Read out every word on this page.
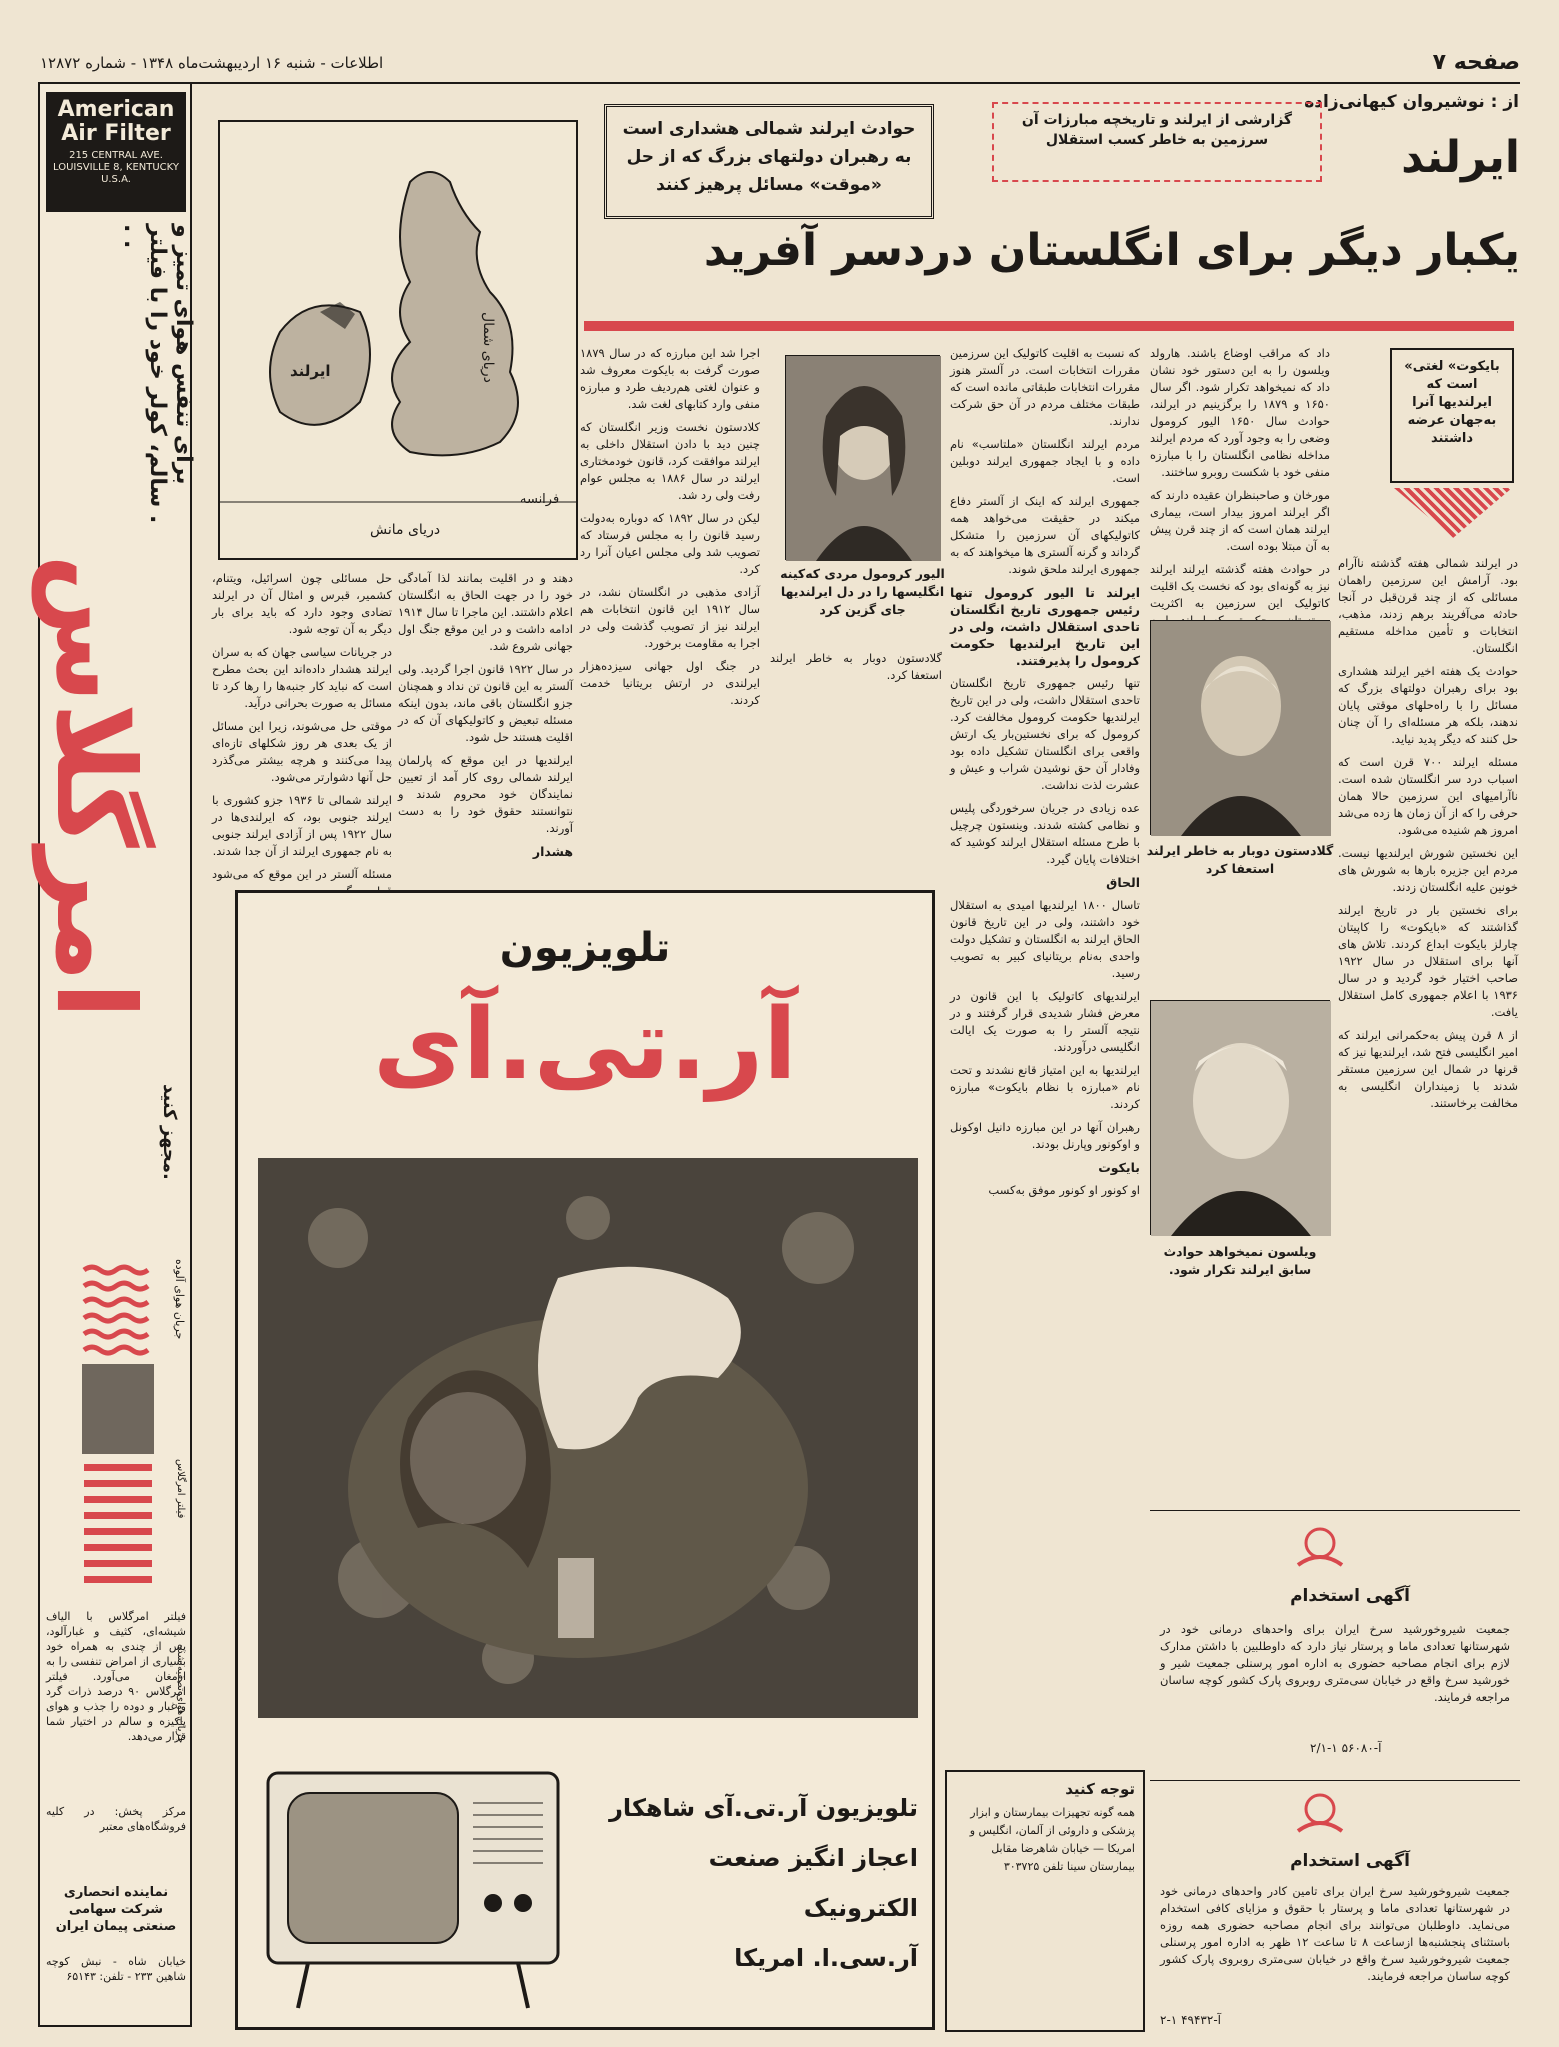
صفحه ۷
اطلاعات - شنبه ۱۶ اردیبهشت‌ماه ۱۳۴۸ - شماره ۱۲۸۷۲
از : نوشیروان کیهانی‌زاده
American Air Filter
215 CENTRAL AVE. LOUISVILLE 8, KENTUCKY U.S.A.
برای تنفس هوای تمیز و سالم، کولر خود را با فیلتر . . .
امرگلاس
مجهز کنید.
جریان هوای آلوده
فیلتر امرگلاس
جریان هوای تصفیه شده
فیلتر امرگلاس با الیاف شیشه‌ای، کثیف و غبارآلود، پس از چندی به همراه خود بسیاری از امراض تنفسی را به ارمغان می‌آورد. فیلتر امرگلاس ۹۰ درصد ذرات گرد و غبار و دوده را جذب و هوای پاکیزه و سالم در اختیار شما قرار می‌دهد.
مرکز پخش: در کلیه فروشگاه‌های معتبر
نماینده انحصاری شرکت سهامی صنعتی پیمان ایران
خیابان شاه - نبش کوچه شاهین ۲۳۳ - تلفن: ۶۵۱۴۳
ایرلند
یکبار دیگر برای انگلستان دردسر آفرید
گزارشی از ایرلند و تاریخچه مبارزات آن سرزمین به خاطر کسب استقلال
حوادث ایرلند شمالی هشداری است به رهبران دولتهای بزرگ که از حل «موقت» مسائل پرهیز کنند
«بایکوت» لغتی است که ایرلندیها آنرا به‌جهان عرضه داشتند
ایرلند	دریای شمال
دریای مانش
فرانسه

در ایرلند شمالی هفته گذشته ناآرام بود. آرامش این سرزمین راهمان مسائلی که از چند قرن‌قبل در آنجا حادثه می‌آفریند برهم زدند، مذهب، انتخابات و تأمین مداخله مستقیم انگلستان.

حوادث یک هفته اخیر ایرلند هشداری بود برای رهبران دولتهای بزرگ که مسائل را با راه‌حلهای موقتی پایان ندهند، بلکه هر مسئله‌ای را آن چنان حل کنند که دیگر پدید نیاید.

مسئله ایرلند ۷۰۰ قرن است که اسباب درد سر انگلستان شده است. ناآرامیهای این سرزمین حالا همان حرفی را که از آن زمان ها زده می‌شد امروز هم شنیده می‌شود.

این نخستین شورش ایرلندیها نیست. مردم این جزیره بارها به شورش های خونین علیه انگلستان زدند.

برای نخستین بار در تاریخ ایرلند گذاشتند که «بایکوت» را کاپیتان چارلز بایکوت ابداع کردند. تلاش های آنها برای استقلال در سال ۱۹۲۲ صاحب اختیار خود گردید و در سال ۱۹۳۶ با اعلام جمهوری کامل استقلال یافت.

از ۸ قرن پیش به‌حکمرانی ایرلند که امیر انگلیسی فتح شد، ایرلندیها نیز که قرنها در شمال این سرزمین مستقر شدند با زمینداران انگلیسی به مخالفت برخاستند.

داد که مراقب اوضاع باشند. هارولد ویلسون را به این دستور خود نشان داد که نمیخواهد تکرار شود. اگر سال ۱۶۵۰ و ۱۸۷۹ را برگزینیم در ایرلند، حوادث سال ۱۶۵۰ الیور کرومول وضعی را به وجود آورد که مردم ایرلند مداخله نظامی انگلستان را با مبارزه منفی خود با شکست روبرو ساختند.

مورخان و صاحبنظران عقیده دارند که اگر ایرلند امروز بیدار است، بیماری ایرلند همان است که از چند قرن پیش به آن مبتلا بوده است.

در حوادث هفته گذشته ایرلند ایرلند نیز به گونه‌ای بود که نخست یک اقلیت کاتولیک این سرزمین به اکثریت

که نسبت به اقلیت کاتولیک این سرزمین مقررات انتخابات است. در آلستر هنوز مقررات انتخابات طبقاتی مانده است که طبقات مختلف مردم در آن حق شرکت ندارند.

مردم ایرلند انگلستان «ملتاسب» نام داده و با ایجاد جمهوری ایرلند دوبلین است.

جمهوری ایرلند که اینک از آلستر دفاع میکند در حقیقت می‌خواهد همه کاتولیکهای آن سرزمین را متشکل گرداند و گرنه آلستری ها میخواهند که به جمهوری ایرلند ملحق شوند.

ایرلند تا الیور کرومول تنها رئیس جمهوری تاریخ انگلستان تاحدی استقلال داشت، ولی در این تاریخ ایرلندیها حکومت کرومول را پذیرفتند.

تنها رئیس جمهوری تاریخ انگلستان تاحدی استقلال داشت، ولی در این تاریخ ایرلندیها حکومت کرومول مخالفت کرد. کرومول که برای نخستین‌بار یک ارتش واقعی برای انگلستان تشکیل داده بود وفادار آن حق نوشیدن شراب و عیش و عشرت لذت نداشت.

عده زیادی در جریان سرخوردگی پلیس و نظامی کشته شدند. وینستون چرچیل با طرح مسئله استقلال ایرلند کوشید که اختلافات پایان گیرد.

الحاق

تاسال ۱۸۰۰ ایرلندیها امیدی به استقلال خود داشتند، ولی در این تاریخ قانون الحاق ایرلند به انگلستان و تشکیل دولت واحدی به‌نام بریتانیای کبیر به تصویب رسید.

ایرلندیهای کاتولیک با این قانون در معرض فشار شدیدی قرار گرفتند و در نتیجه آلستر را به صورت یک ایالت انگلیسی درآوردند.

ایرلندیها به این امتیاز قانع نشدند و تحت نام «مبارزه با نظام بایکوت» مبارزه کردند.

رهبران آنها در این مبارزه دانیل اوکونل و اوکونور وپارنل بودند.

بایکوت

او کونور او کونور موفق به‌کسب

اجرا شد این مبارزه که در سال ۱۸۷۹ صورت گرفت به بایکوت معروف شد و عنوان لغتی هم‌ردیف طرد و مبارزه منفی وارد کتابهای لغت شد.

کلادستون نخست وزیر انگلستان که چنین دید با دادن استقلال داخلی به ایرلند موافقت کرد، قانون خودمختاری ایرلند در سال ۱۸۸۶ به مجلس عوام رفت ولی رد شد.

لیکن در سال ۱۸۹۲ که دوباره به‌دولت رسید قانون را به مجلس فرستاد که تصویب شد ولی مجلس اعیان آنرا رد کرد.

آزادی مذهبی در انگلستان نشد، در سال ۱۹۱۲ این قانون انتخابات هم ایرلند نیز از تصویب گذشت ولی در اجرا به مقاومت برخورد.

در جنگ اول جهانی سیزده‌هزار ایرلندی در ارتش بریتانیا خدمت کردند.

حل مسائلی چون اسرائیل، ویتنام، کشمیر، قبرس و امثال آن در ایرلند تضادی وجود دارد که باید برای بار دیگر به آن توجه شود.

در جریانات سیاسی جهان که به سران ایرلند هشدار داده‌اند این بحث مطرح است که نباید کار جنبه‌ها را رها کرد تا مسائل به صورت بحرانی درآید.

موقتی حل می‌شوند، زیرا این مسائل از یک بعدی هر روز شکلهای تازه‌ای پیدا می‌کنند و هرچه بیشتر می‌گذرد حل آنها دشوارتر می‌شود.

ایرلند شمالی تا ۱۹۳۶ جزو کشوری با ایرلند جنوبی بود، که ایرلندی‌ها در سال ۱۹۲۲ پس از آزادی ایرلند جنوبی به نام جمهوری ایرلند از آن جدا شدند.

مسئله آلستر در این موقع که می‌شود

دهند و در اقلیت بمانند لذا آمادگی خود را در جهت الحاق به انگلستان اعلام داشتند. این ماجرا تا سال ۱۹۱۴ ادامه داشت و در این موقع جنگ اول جهانی شروع شد.

در سال ۱۹۲۲ قانون اجرا گردید. ولی آلستر به این قانون تن نداد و همچنان جزو انگلستان باقی ماند، بدون اینکه مسئله تبعیض و کاتولیکهای آن که در اقلیت هستند حل شود.

ایرلندیها در این موقع که پارلمان ایرلند شمالی روی کار آمد از تعیین نمایندگان خود محروم شدند و نتوانستند حقوق خود را به دست آورند.

هشدار

گلادستون دوبار به خاطر ایرلند استعفا کرد.

الیور کرومول مردی که‌کینه انگلیسها را در دل ایرلندیها جای گزین کرد
گلادستون دوبار به خاطر ایرلند استعفا کرد
ویلسون نمیخواهد حوادث سابق ایرلند تکرار شود.
تلویزیون
آر.تی.آی
تلویزیون آر.تی.آی شاهکار
اعجاز انگیز صنعت الکترونیک
آر.سی.ا. امریکا
توجه کنید
همه گونه تجهیزات بیمارستان و ابزار پزشکی و داروئی از آلمان، انگلیس و امریکا — خیابان شاهرضا مقابل بیمارستان سینا تلفن ۳۰۳۷۲۵
آگهی استخدام
جمعیت شیروخورشید سرخ ایران برای واحدهای درمانی خود در شهرستانها تعدادی ماما و پرستار نیاز دارد که داوطلبین با داشتن مدارک لازم برای انجام مصاحبه حضوری به اداره امور پرسنلی جمعیت شیر و خورشید سرخ واقع در خیابان سی‌متری روبروی پارک کشور کوچه ساسان مراجعه فرمایند.
آ-۵۶۰۸۰ ۱-۲/۱
آگهی استخدام
جمعیت شیروخورشید سرخ ایران برای تامین کادر واحدهای درمانی خود در شهرستانها تعدادی ماما و پرستار با حقوق و مزایای کافی استخدام می‌نماید. داوطلبان می‌توانند برای انجام مصاحبه حضوری همه روزه باستثنای پنجشنبه‌ها ازساعت ۸ تا ساعت ۱۲ ظهر به اداره امور پرسنلی جمعیت شیروخورشید سرخ واقع در خیابان سی‌متری روبروی پارک کشور کوچه ساسان مراجعه فرمایند.
آ-۴۹۴۳۲ ۱-۲
